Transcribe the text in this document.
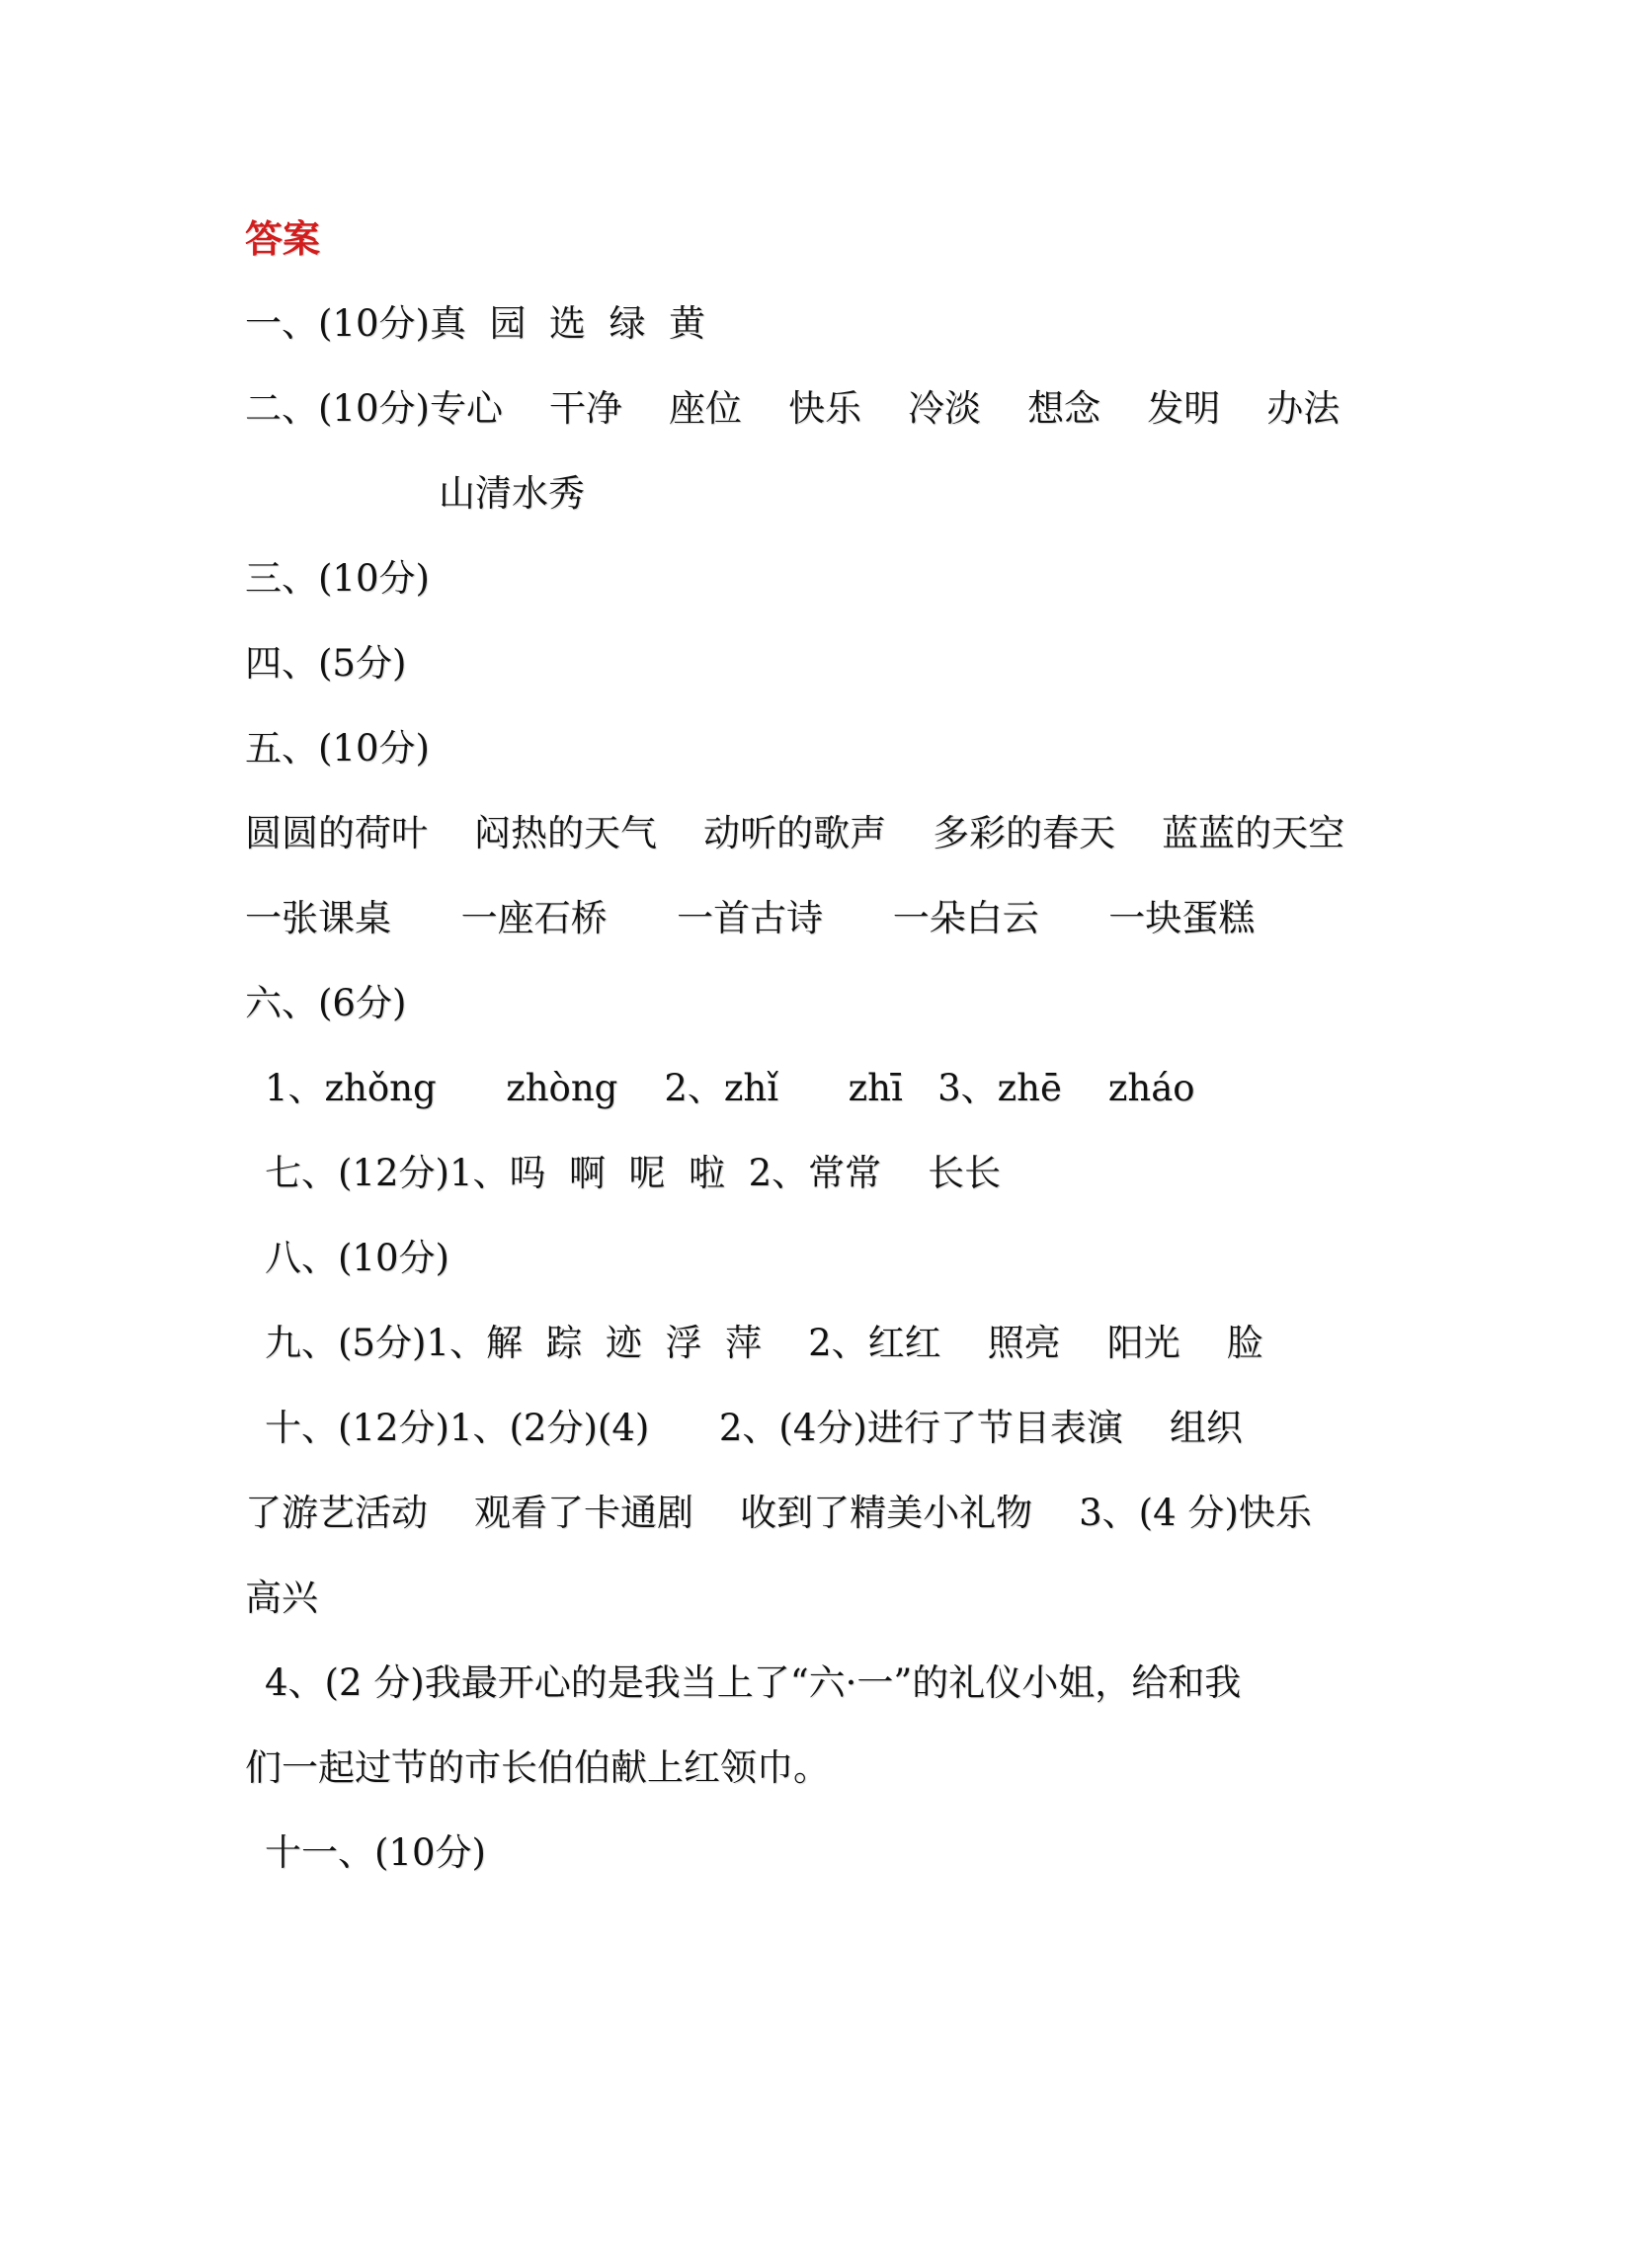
答案
一、(10分)真  园  选  绿  黄
二、(10分)专心    干净    座位    快乐    冷淡    想念    发明    办法
山清水秀
三、(10分)
四、(5分)
五、(10分)
圆圆的荷叶    闷热的天气    动听的歌声    多彩的春天    蓝蓝的天空
一张课桌      一座石桥      一首古诗      一朵白云      一块蛋糕
六、(6分)
1、zhǒng      zhòng    2、zhǐ      zhī   3、zhē    zháo
七、(12分)1、吗  啊  呢  啦  2、常常    长长
八、(10分)
九、(5分)1、解  踪  迹  浮  萍    2、红红    照亮    阳光    脸
十、(12分)1、(2分)(4)      2、(4分)进行了节目表演    组织
了游艺活动    观看了卡通剧    收到了精美小礼物    3、(4 分)快乐
高兴
4、(2 分)我最开心的是我当上了“六·一”的礼仪小姐，给和我
们一起过节的市长伯伯献上红领巾。
十一、(10分)
